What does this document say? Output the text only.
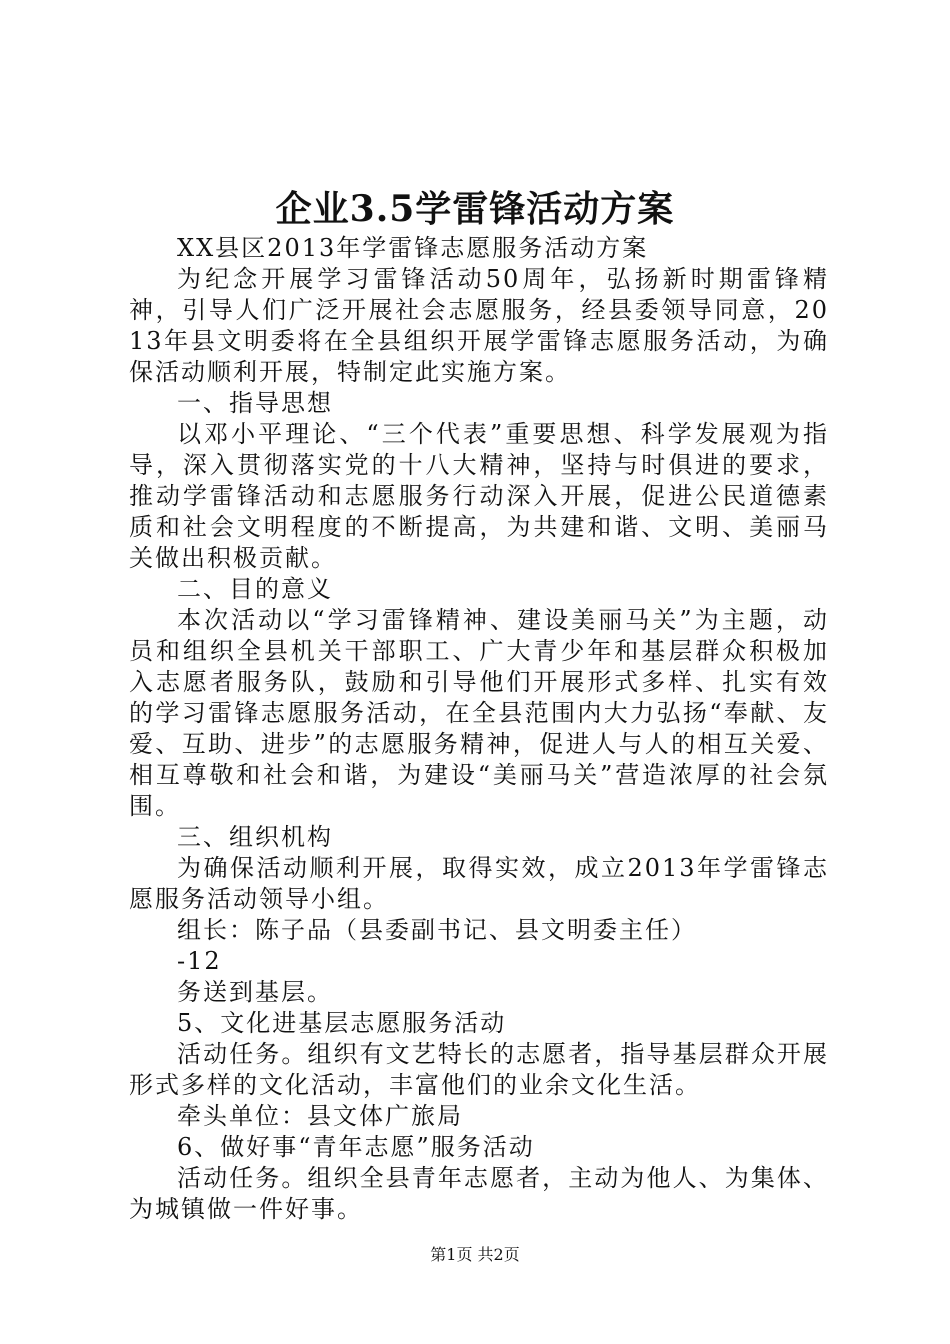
企业3.5学雷锋活动方案

XX县区2013年学雷锋志愿服务活动方案

为纪念开展学习雷锋活动50周年，弘扬新时期雷锋精神，引导人们广泛开展社会志愿服务，经县委领导同意，2013年县文明委将在全县组织开展学雷锋志愿服务活动，为确保活动顺利开展，特制定此实施方案。

一、指导思想

以邓小平理论、“三个代表”重要思想、科学发展观为指导，深入贯彻落实党的十八大精神，坚持与时俱进的要求，推动学雷锋活动和志愿服务行动深入开展，促进公民道德素质和社会文明程度的不断提高，为共建和谐、文明、美丽马关做出积极贡献。

二、目的意义

本次活动以“学习雷锋精神、建设美丽马关”为主题，动员和组织全县机关干部职工、广大青少年和基层群众积极加入志愿者服务队，鼓励和引导他们开展形式多样、扎实有效的学习雷锋志愿服务活动，在全县范围内大力弘扬“奉献、友爱、互助、进步”的志愿服务精神，促进人与人的相互关爱、相互尊敬和社会和谐，为建设“美丽马关”营造浓厚的社会氛围。

三、组织机构

为确保活动顺利开展，取得实效，成立2013年学雷锋志愿服务活动领导小组。

组长：陈子品（县委副书记、县文明委主任）

-12

务送到基层。

5、文化进基层志愿服务活动

活动任务。组织有文艺特长的志愿者，指导基层群众开展形式多样的文化活动，丰富他们的业余文化生活。

牵头单位：县文体广旅局

6、做好事“青年志愿”服务活动

活动任务。组织全县青年志愿者，主动为他人、为集体、为城镇做一件好事。

第1页 共2页
